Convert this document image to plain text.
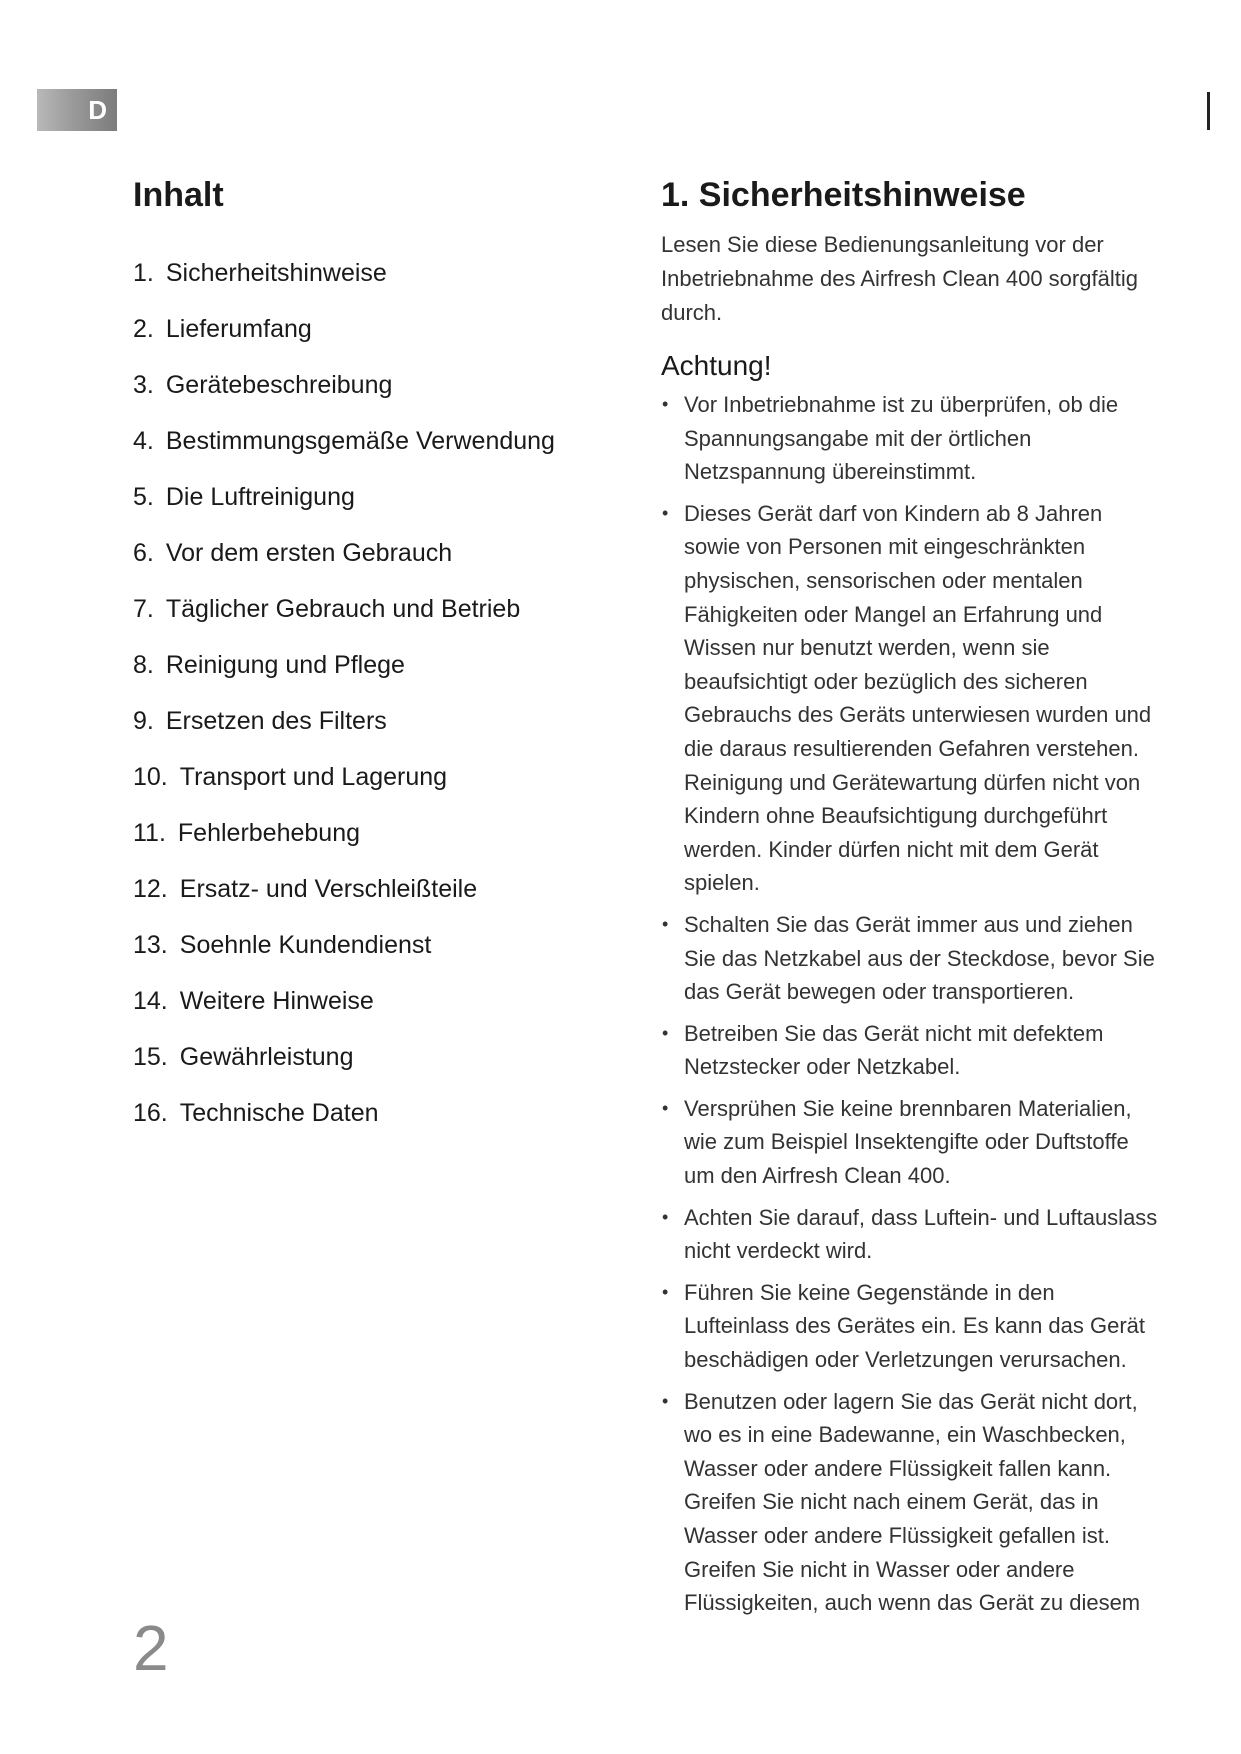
D
Inhalt
1. Sicherheitshinweise
2. Lieferumfang
3. Gerätebeschreibung
4. Bestimmungsgemäße Verwendung
5. Die Luftreinigung
6. Vor dem ersten Gebrauch
7. Täglicher Gebrauch und Betrieb
8. Reinigung und Pflege
9. Ersetzen des Filters
10. Transport und Lagerung
11. Fehlerbehebung
12. Ersatz- und Verschleißteile
13. Soehnle Kundendienst
14. Weitere Hinweise
15. Gewährleistung
16. Technische Daten
1. Sicherheitshinweise

Lesen Sie diese Bedienungsanleitung vor der Inbetriebnahme des Airfresh Clean 400 sorgfältig durch.

Achtung!
• Vor Inbetriebnahme ist zu überprüfen, ob die Spannungsangabe mit der örtlichen Netzspannung übereinstimmt.
• Dieses Gerät darf von Kindern ab 8 Jahren sowie von Personen mit eingeschränkten physischen, sensorischen oder mentalen Fähigkeiten oder Mangel an Erfahrung und Wissen nur benutzt werden, wenn sie beaufsichtigt oder bezüglich des sicheren Gebrauchs des Geräts unterwiesen wurden und die daraus resultierenden Gefahren verstehen. Reinigung und Gerätewartung dürfen nicht von Kindern ohne Beaufsichtigung durchgeführt werden. Kinder dürfen nicht mit dem Gerät spielen.
• Schalten Sie das Gerät immer aus und ziehen Sie das Netzkabel aus der Steckdose, bevor Sie das Gerät bewegen oder transportieren.
• Betreiben Sie das Gerät nicht mit defektem Netzstecker oder Netzkabel.
• Versprühen Sie keine brennbaren Materialien, wie zum Beispiel Insektengifte oder Duftstoffe um den Airfresh Clean 400.
• Achten Sie darauf, dass Luftein- und Luftauslass nicht verdeckt wird.
• Führen Sie keine Gegenstände in den Lufteinlass des Gerätes ein. Es kann das Gerät beschädigen oder Verletzungen verursachen.
• Benutzen oder lagern Sie das Gerät nicht dort, wo es in eine Badewanne, ein Waschbecken, Wasser oder andere Flüssigkeit fallen kann. Greifen Sie nicht nach einem Gerät, das in Wasser oder andere Flüssigkeit gefallen ist. Greifen Sie nicht in Wasser oder andere Flüssigkeiten, auch wenn das Gerät zu diesem
2
